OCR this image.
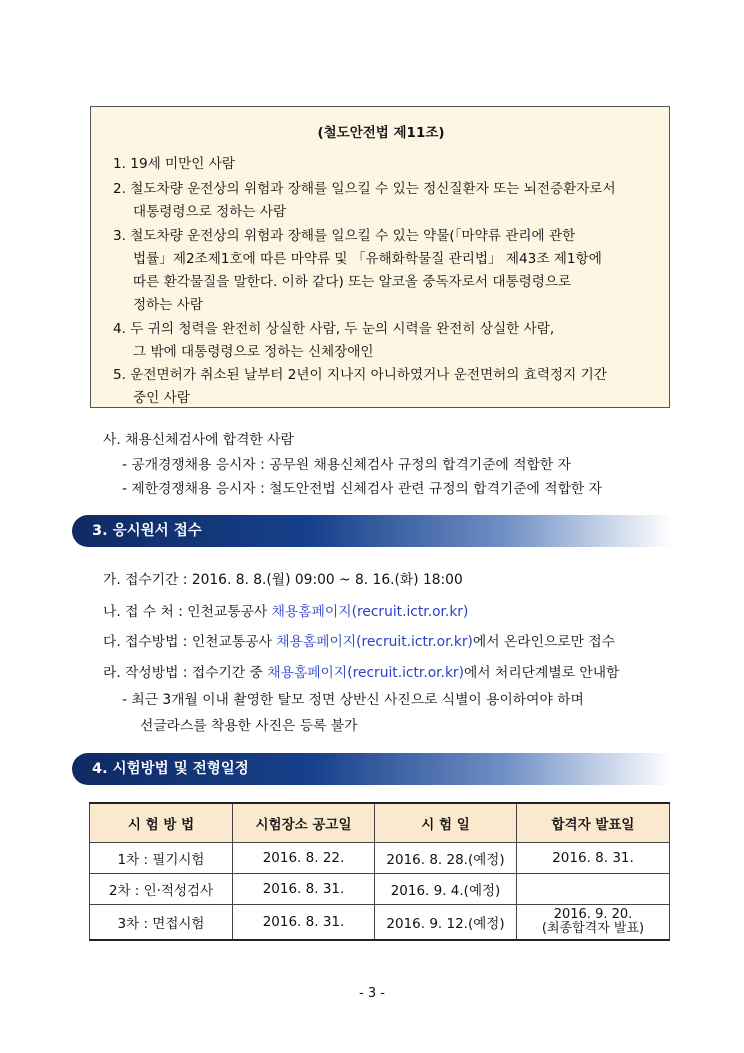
(철도안전법 제11조)
1. 19세 미만인 사람
2. 철도차량 운전상의 위험과 장해를 일으킬 수 있는 정신질환자 또는 뇌전증환자로서
대통령령으로 정하는 사람
3. 철도차량 운전상의 위험과 장해를 일으킬 수 있는 약물(「마약류 관리에 관한
법률」제2조제1호에 따른 마약류 및 「유해화학물질 관리법」 제43조 제1항에
따른 환각물질을 말한다. 이하 같다) 또는 알코올 중독자로서 대통령령으로
정하는 사람
4. 두 귀의 청력을 완전히 상실한 사람, 두 눈의 시력을 완전히 상실한 사람,
그 밖에 대통령령으로 정하는 신체장애인
5. 운전면허가 취소된 날부터 2년이 지나지 아니하였거나 운전면허의 효력정지 기간
중인 사람
사. 채용신체검사에 합격한 사람
- 공개경쟁채용 응시자 : 공무원 채용신체검사 규정의 합격기준에 적합한 자
- 제한경쟁채용 응시자 : 철도안전법 신체검사 관련 규정의 합격기준에 적합한 자
3. 응시원서 접수
가. 접수기간 : 2016. 8. 8.(월) 09:00 ~ 8. 16.(화) 18:00
나. 접 수 처 : 인천교통공사 채용홈페이지(recruit.ictr.or.kr)
다. 접수방법 : 인천교통공사 채용홈페이지(recruit.ictr.or.kr)에서 온라인으로만 접수
라. 작성방법 : 접수기간 중 채용홈페이지(recruit.ictr.or.kr)에서 처리단계별로 안내함
- 최근 3개월 이내 촬영한 탈모 정면 상반신 사진으로 식별이 용이하여야 하며
선글라스를 착용한 사진은 등록 불가
4. 시험방법 및 전형일정
시 험 방 법	시험장소 공고일	시 험 일	합격자 발표일
1차 : 필기시험	2016. 8. 22.	2016. 8. 28.(예정)	2016. 8. 31.
2차 : 인·적성검사	2016. 8. 31.	2016. 9. 4.(예정)	
3차 : 면접시험	2016. 8. 31.	2016. 9. 12.(예정)	2016. 9. 20.
(최종합격자 발표)
- 3 -
